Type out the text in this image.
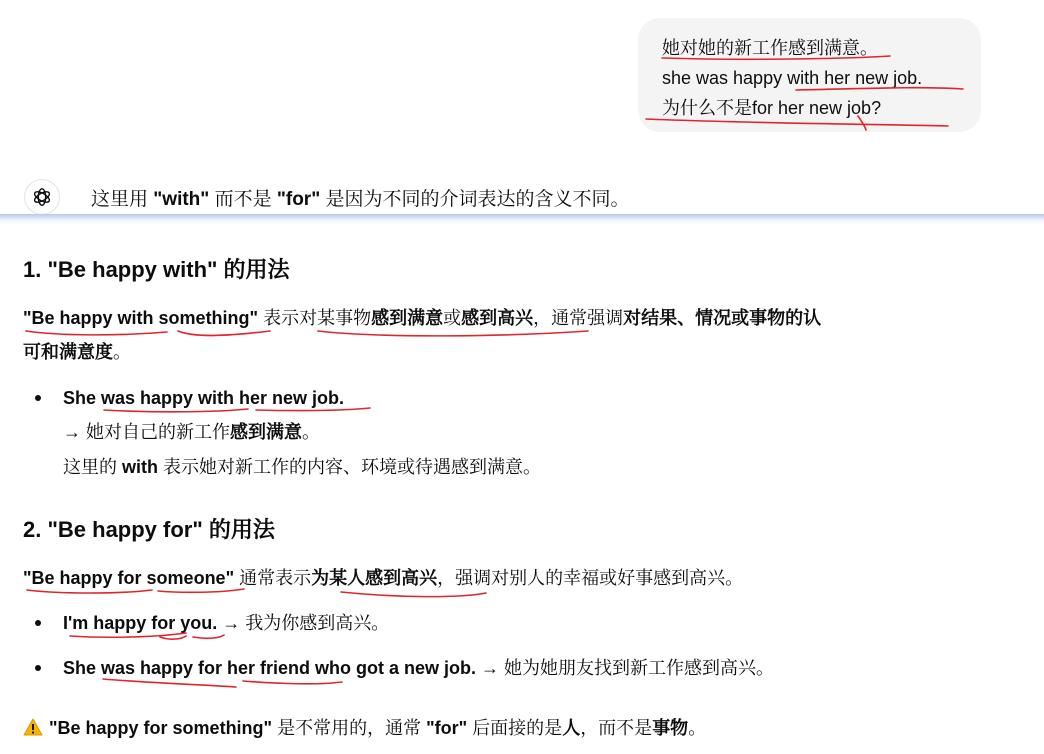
她对她的新工作感到满意。
she was happy with her new job.
为什么不是for her new job?
这里用 "with" 而不是 "for" 是因为不同的介词表达的含义不同。
1. "Be happy with" 的用法
"Be happy with something" 表示对某事物感到满意或感到高兴，通常强调对结果、情况或事物的认
可和满意度。
She was happy with her new job.
→ 她对自己的新工作感到满意。
这里的 with 表示她对新工作的内容、环境或待遇感到满意。
2. "Be happy for" 的用法
"Be happy for someone" 通常表示为某人感到高兴，强调对别人的幸福或好事感到高兴。
I'm happy for you. → 我为你感到高兴。
She was happy for her friend who got a new job. → 她为她朋友找到新工作感到高兴。
"Be happy for something" 是不常用的，通常 "for" 后面接的是人，而不是事物。
